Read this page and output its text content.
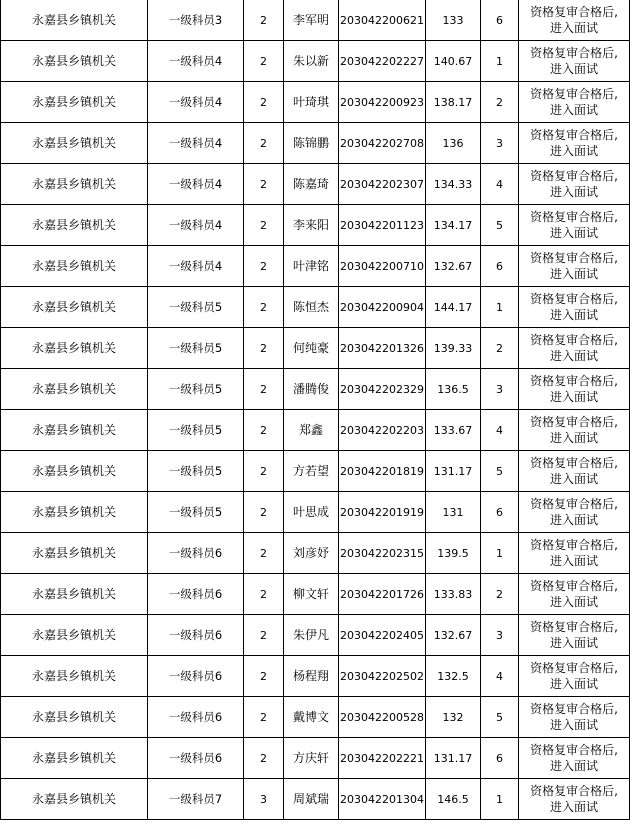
永嘉县乡镇机关	一级科员3	2	李军明	203042200621	133	6	资格复审合格后,
进入面试

永嘉县乡镇机关	一级科员4	2	朱以新	203042202227	140.67	1	资格复审合格后,
进入面试

永嘉县乡镇机关	一级科员4	2	叶琦琪	203042200923	138.17	2	资格复审合格后,
进入面试

永嘉县乡镇机关	一级科员4	2	陈锦鹏	203042202708	136	3	资格复审合格后,
进入面试

永嘉县乡镇机关	一级科员4	2	陈嘉琦	203042202307	134.33	4	资格复审合格后,
进入面试

永嘉县乡镇机关	一级科员4	2	李来阳	203042201123	134.17	5	资格复审合格后,
进入面试

永嘉县乡镇机关	一级科员4	2	叶津铭	203042200710	132.67	6	资格复审合格后,
进入面试

永嘉县乡镇机关	一级科员5	2	陈恒杰	203042200904	144.17	1	资格复审合格后,
进入面试

永嘉县乡镇机关	一级科员5	2	何纯豪	203042201326	139.33	2	资格复审合格后,
进入面试

永嘉县乡镇机关	一级科员5	2	潘腾俊	203042202329	136.5	3	资格复审合格后,
进入面试

永嘉县乡镇机关	一级科员5	2	郑鑫	203042202203	133.67	4	资格复审合格后,
进入面试

永嘉县乡镇机关	一级科员5	2	方若望	203042201819	131.17	5	资格复审合格后,
进入面试

永嘉县乡镇机关	一级科员5	2	叶思成	203042201919	131	6	资格复审合格后,
进入面试

永嘉县乡镇机关	一级科员6	2	刘彦妤	203042202315	139.5	1	资格复审合格后,
进入面试

永嘉县乡镇机关	一级科员6	2	柳文轩	203042201726	133.83	2	资格复审合格后,
进入面试

永嘉县乡镇机关	一级科员6	2	朱伊凡	203042202405	132.67	3	资格复审合格后,
进入面试

永嘉县乡镇机关	一级科员6	2	杨程翔	203042202502	132.5	4	资格复审合格后,
进入面试

永嘉县乡镇机关	一级科员6	2	戴博文	203042200528	132	5	资格复审合格后,
进入面试

永嘉县乡镇机关	一级科员6	2	方庆轩	203042202221	131.17	6	资格复审合格后,
进入面试

永嘉县乡镇机关	一级科员7	3	周斌瑞	203042201304	146.5	1	资格复审合格后,
进入面试
